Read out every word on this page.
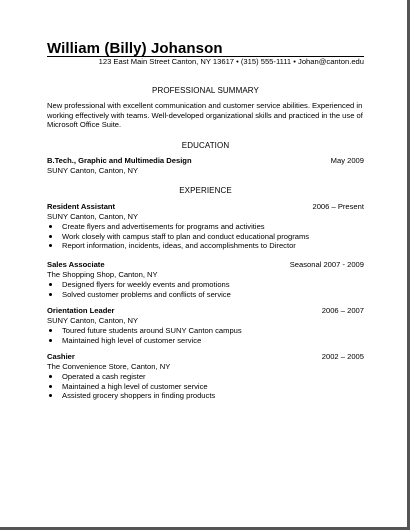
William (Billy) Johanson
123 East Main Street Canton, NY 13617 • (315) 555-1111 • Johan@canton.edu
PROFESSIONAL SUMMARY
New professional with excellent communication and customer service abilities. Experienced in working effectively with teams. Well-developed organizational skills and practiced in the use of Microsoft Office Suite.
EDUCATION
B.Tech., Graphic and Multimedia Design	May 2009
SUNY Canton, Canton, NY
EXPERIENCE
Resident Assistant	2006 – Present
SUNY Canton, Canton, NY
Create flyers and advertisements for programs and activities
Work closely with campus staff to plan and conduct educational programs
Report information, incidents, ideas, and accomplishments to Director
Sales Associate	Seasonal 2007 - 2009
The Shopping Shop, Canton, NY
Designed flyers for weekly events and promotions
Solved customer problems and conflicts of service
Orientation Leader	2006 – 2007
SUNY Canton, Canton, NY
Toured future students around SUNY Canton campus
Maintained high level of customer service
Cashier	2002 – 2005
The Convenience Store, Canton, NY
Operated a cash register
Maintained a high level of customer service
Assisted grocery shoppers in finding products
